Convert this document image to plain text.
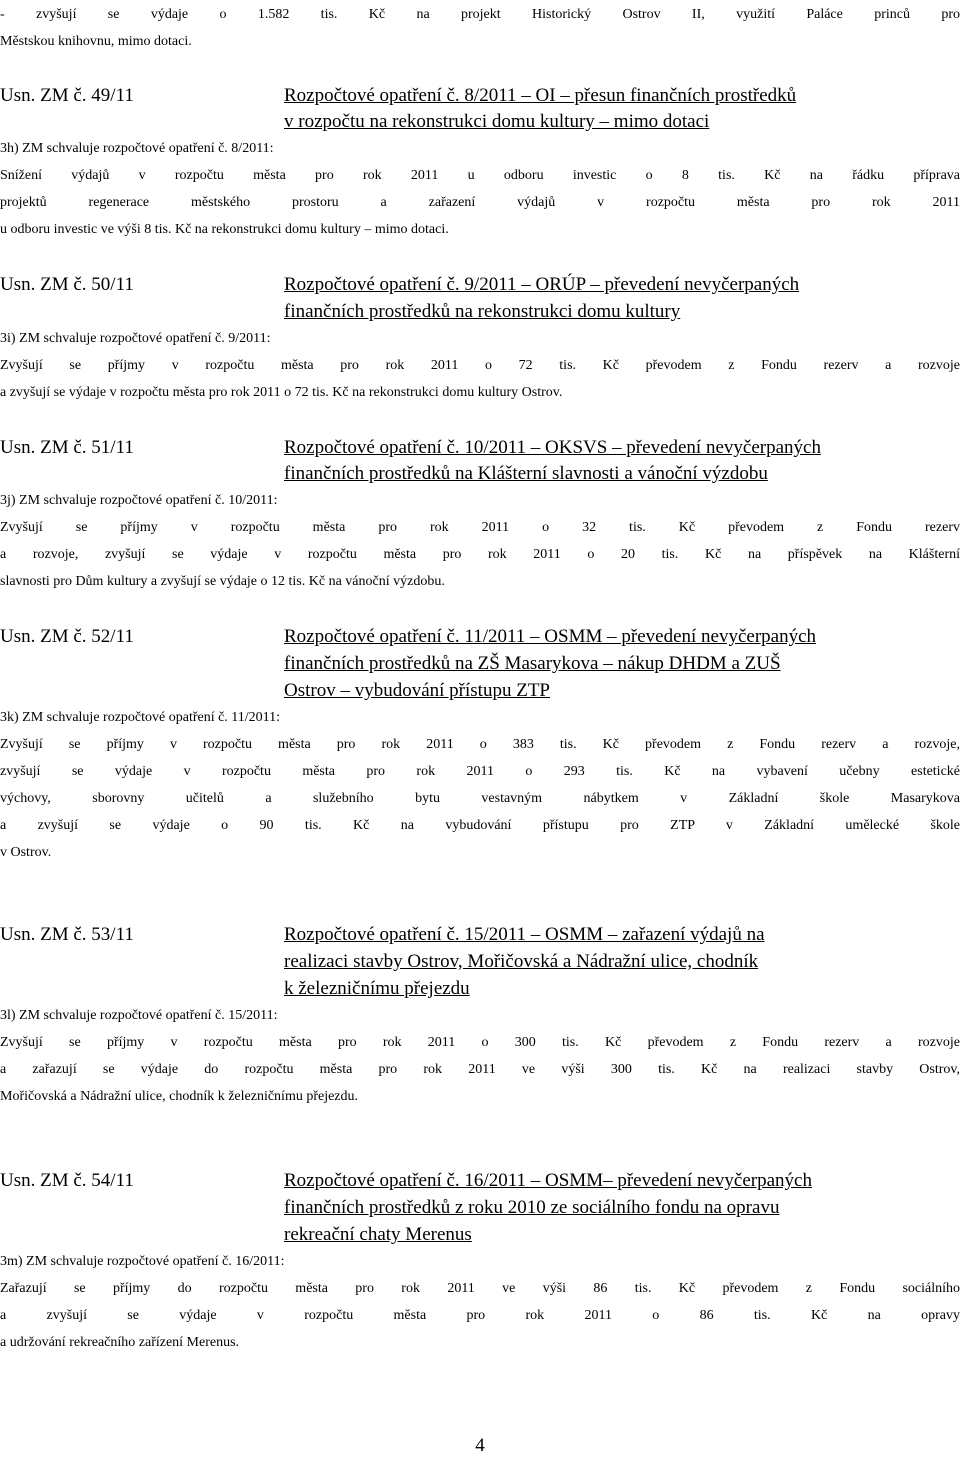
- zvyšují se výdaje o 1.582 tis. Kč na projekt Historický Ostrov II, využití Paláce princů pro
Městskou knihovnu, mimo dotaci.
Usn. ZM č. 49/11	Rozpočtové opatření č. 8/2011 – OI – přesun finančních prostředků
v rozpočtu na rekonstrukci domu kultury – mimo dotaci
3h) ZM schvaluje rozpočtové opatření č. 8/2011:
Snížení výdajů v rozpočtu města pro rok 2011 u odboru investic o 8 tis. Kč na řádku příprava
projektů regenerace městského prostoru a zařazení výdajů v rozpočtu města pro rok 2011
u odboru investic ve výši 8 tis. Kč na rekonstrukci domu kultury – mimo dotaci.
Usn. ZM č. 50/11	Rozpočtové opatření č. 9/2011 – ORÚP – převedení nevyčerpaných
finančních prostředků na rekonstrukci domu kultury
3i) ZM schvaluje rozpočtové opatření č. 9/2011:
Zvyšují se příjmy v rozpočtu města pro rok 2011 o 72 tis. Kč převodem z Fondu rezerv a rozvoje
a zvyšují se výdaje v rozpočtu města pro rok 2011 o 72 tis. Kč na rekonstrukci domu kultury Ostrov.
Usn. ZM č. 51/11	Rozpočtové opatření č. 10/2011 – OKSVS – převedení nevyčerpaných
finančních prostředků na Klášterní slavnosti a vánoční výzdobu
3j) ZM schvaluje rozpočtové opatření č. 10/2011:
Zvyšují se příjmy v rozpočtu města pro rok 2011 o 32 tis. Kč převodem z Fondu rezerv
a rozvoje, zvyšují se výdaje v rozpočtu města pro rok 2011 o 20 tis. Kč na příspěvek na Klášterní
slavnosti pro Dům kultury a zvyšují se výdaje o 12 tis. Kč na vánoční výzdobu.
Usn. ZM č. 52/11	Rozpočtové opatření č. 11/2011 – OSMM – převedení nevyčerpaných
finančních prostředků na ZŠ Masarykova – nákup DHDM a ZUŠ
Ostrov – vybudování přístupu ZTP
3k) ZM schvaluje rozpočtové opatření č. 11/2011:
Zvyšují se příjmy v rozpočtu města pro rok 2011 o 383 tis. Kč převodem z Fondu rezerv a rozvoje,
zvyšují se výdaje v rozpočtu města pro rok 2011 o 293 tis. Kč na vybavení učebny estetické
výchovy, sborovny učitelů a služebního bytu vestavným nábytkem v Základní škole Masarykova
a zvyšují se výdaje o 90 tis. Kč na vybudování přístupu pro ZTP v Základní umělecké škole
v Ostrov.
Usn. ZM č. 53/11	Rozpočtové opatření č. 15/2011 – OSMM – zařazení výdajů na
realizaci stavby Ostrov, Mořičovská a Nádražní ulice, chodník
k železničnímu přejezdu
3l) ZM schvaluje rozpočtové opatření č. 15/2011:
Zvyšují se příjmy v rozpočtu města pro rok 2011 o 300 tis. Kč převodem z Fondu rezerv a rozvoje
a zařazují se výdaje do rozpočtu města pro rok 2011 ve výši 300 tis. Kč na realizaci stavby Ostrov,
Mořičovská a Nádražní ulice, chodník k železničnímu přejezdu.
Usn. ZM č. 54/11	Rozpočtové opatření č. 16/2011 – OSMM– převedení nevyčerpaných
finančních prostředků z roku 2010 ze sociálního fondu na opravu
rekreační chaty Merenus
3m) ZM schvaluje rozpočtové opatření č. 16/2011:
Zařazují se příjmy do rozpočtu města pro rok 2011 ve výši 86 tis. Kč převodem z Fondu sociálního
a zvyšují se výdaje v rozpočtu města pro rok 2011 o 86 tis. Kč na opravy
a udržování rekreačního zařízení Merenus.
4
